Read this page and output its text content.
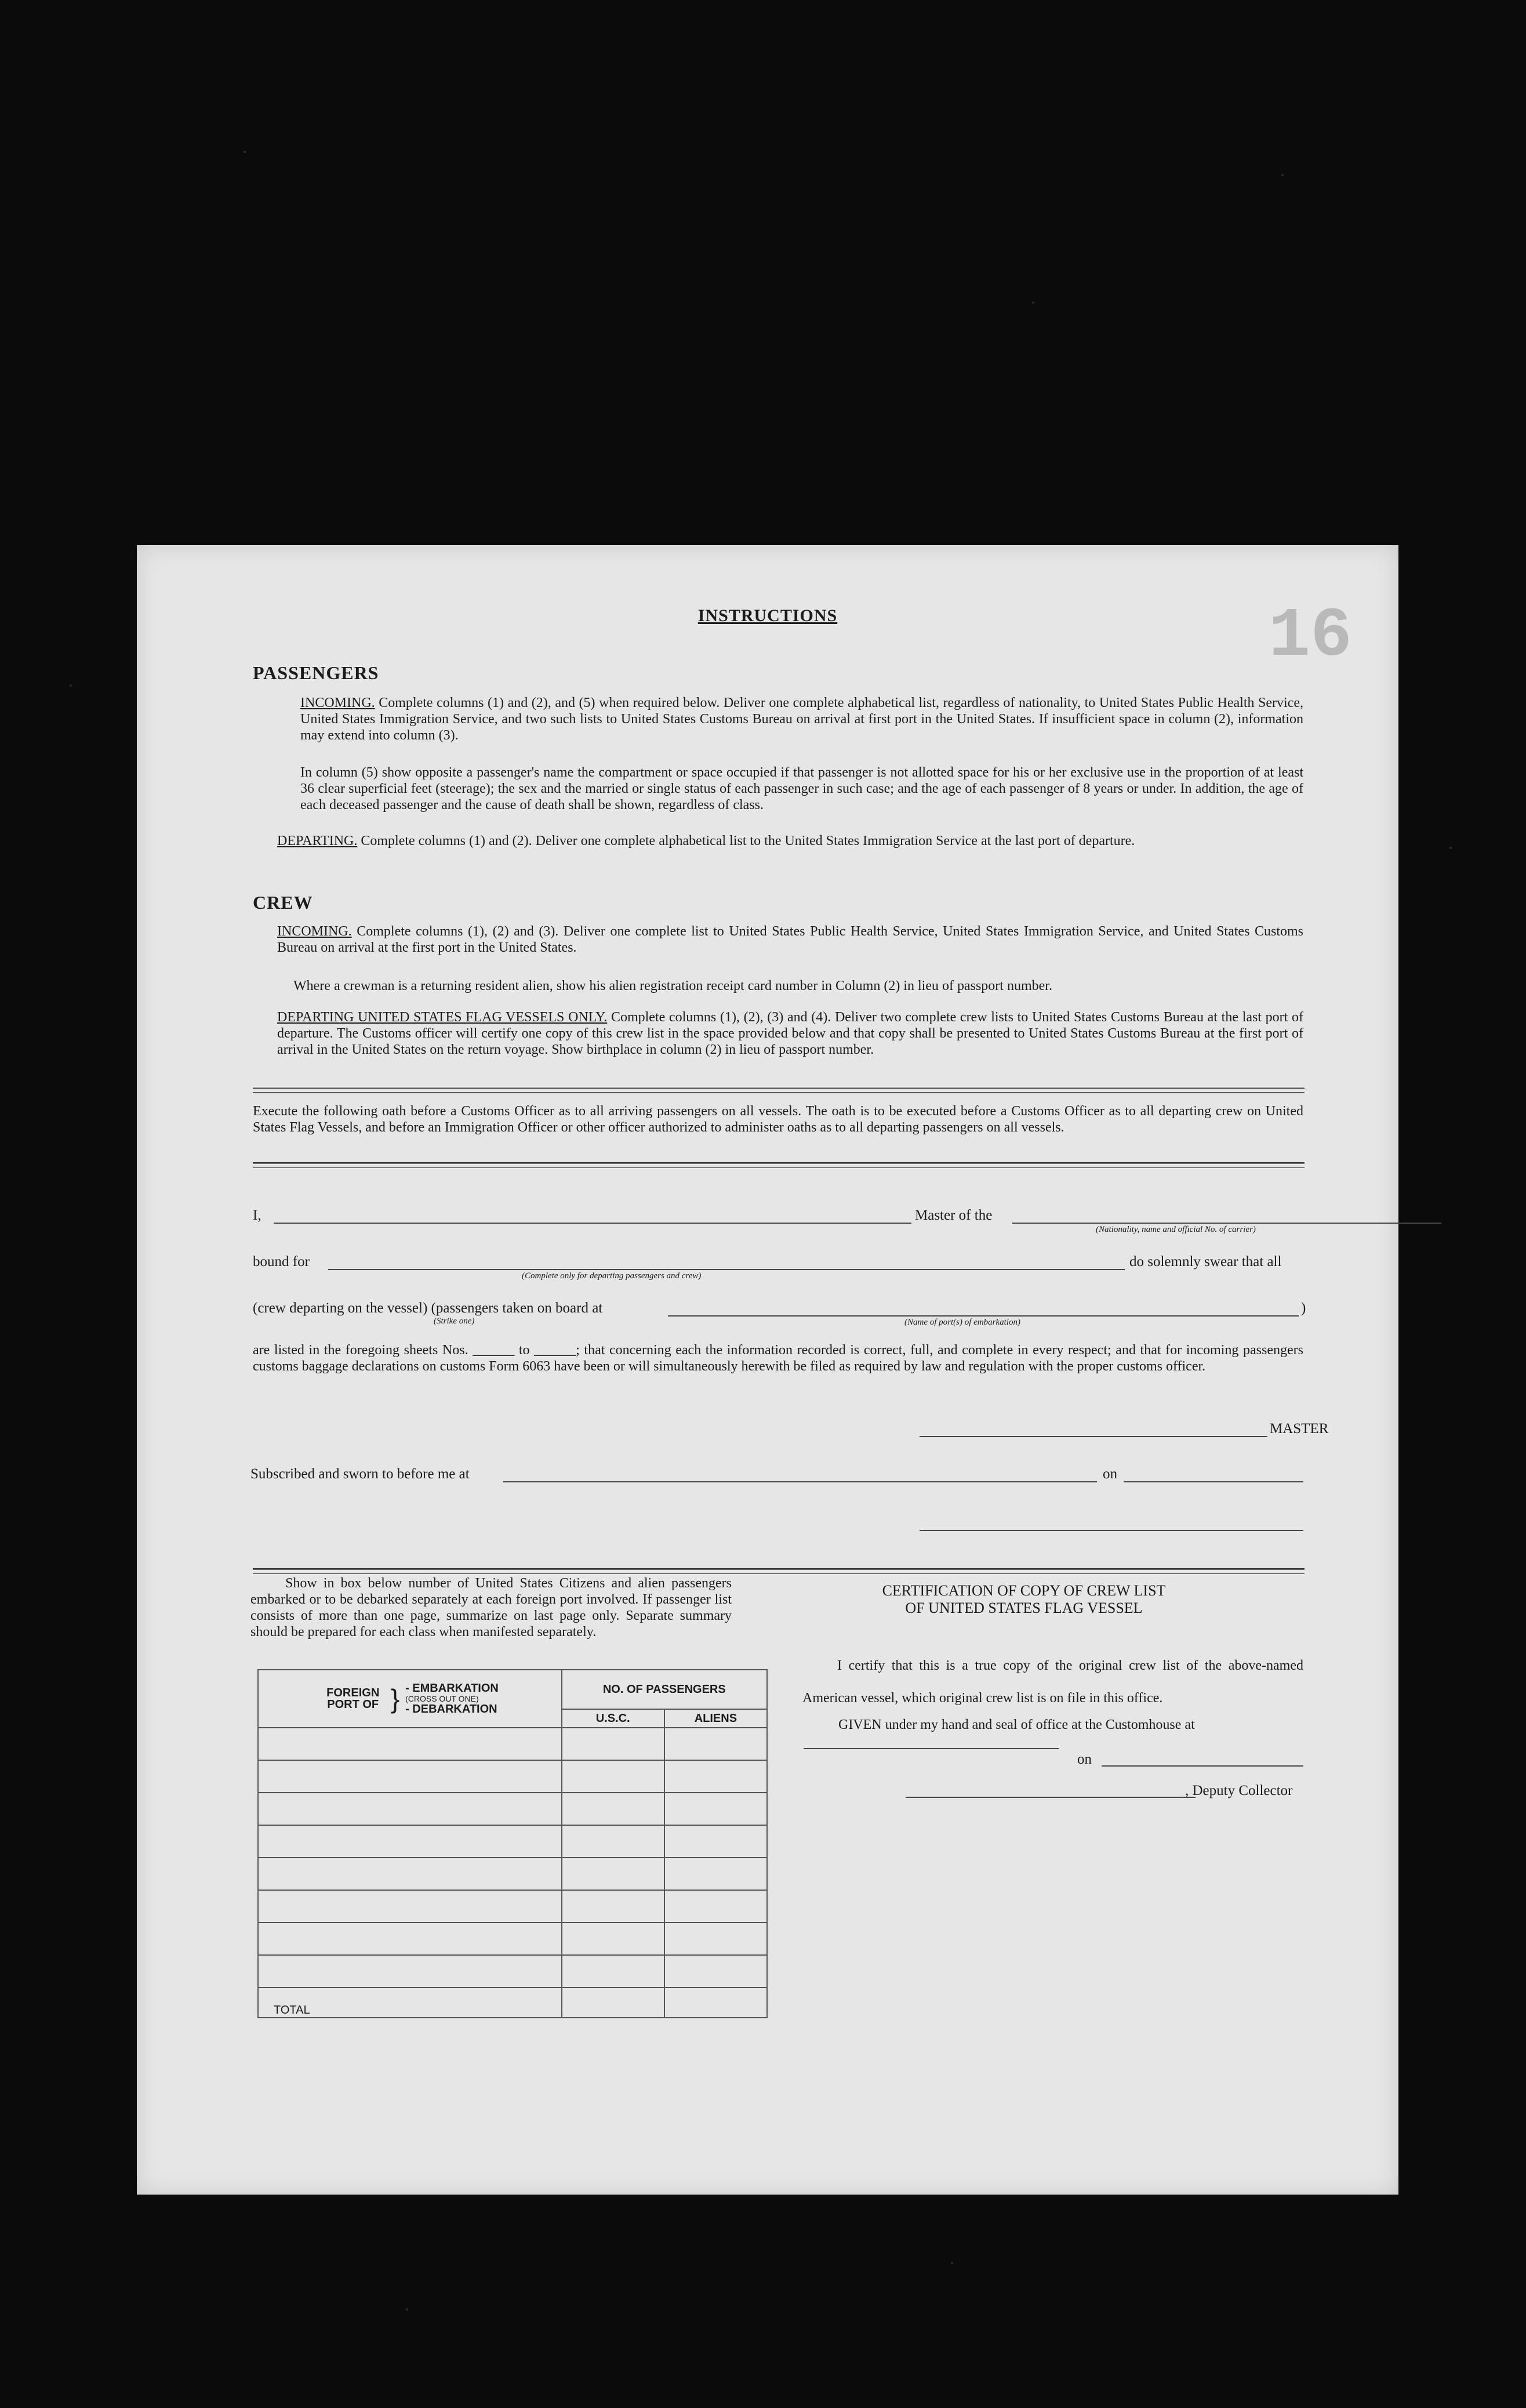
16
INSTRUCTIONS
PASSENGERS
INCOMING. Complete columns (1) and (2), and (5) when required below. Deliver one complete alphabetical list, regardless of nationality, to United States Public Health Service, United States Immigration Service, and two such lists to United States Customs Bureau on arrival at first port in the United States. If insufficient space in column (2), information may extend into column (3).
In column (5) show opposite a passenger's name the compartment or space occupied if that passenger is not allotted space for his or her exclusive use in the proportion of at least 36 clear superficial feet (steerage); the sex and the married or single status of each passenger in such case; and the age of each passenger of 8 years or under. In addition, the age of each deceased passenger and the cause of death shall be shown, regardless of class.
DEPARTING. Complete columns (1) and (2). Deliver one complete alphabetical list to the United States Immigration Service at the last port of departure.
CREW
INCOMING. Complete columns (1), (2) and (3). Deliver one complete list to United States Public Health Service, United States Immigration Service, and United States Customs Bureau on arrival at the first port in the United States.
Where a crewman is a returning resident alien, show his alien registration receipt card number in Column (2) in lieu of passport number.
DEPARTING UNITED STATES FLAG VESSELS ONLY. Complete columns (1), (2), (3) and (4). Deliver two complete crew lists to United States Customs Bureau at the last port of departure. The Customs officer will certify one copy of this crew list in the space provided below and that copy shall be presented to United States Customs Bureau at the first port of arrival in the United States on the return voyage. Show birthplace in column (2) in lieu of passport number.
Execute the following oath before a Customs Officer as to all arriving passengers on all vessels. The oath is to be executed before a Customs Officer as to all departing crew on United States Flag Vessels, and before an Immigration Officer or other officer authorized to administer oaths as to all departing passengers on all vessels.
I,	Master of the
(Nationality, name and official No. of carrier)
bound for	do solemnly swear that all
(Complete only for departing passengers and crew)
(crew departing on the vessel) (passengers taken on board at	)
(Strike one)	(Name of port(s) of embarkation)
are listed in the foregoing sheets Nos. ______ to ______; that concerning each the information recorded is correct, full, and complete in every respect; and that for incoming passengers customs baggage declarations on customs Form 6063 have been or will simultaneously herewith be filed as required by law and regulation with the proper customs officer.
MASTER
Subscribed and sworn to before me at	on
Show in box below number of United States Citizens and alien passengers embarked or to be debarked separately at each foreign port involved. If passenger list consists of more than one page, summarize on last page only. Separate summary should be prepared for each class when manifested separately.
FOREIGN PORT OF } - EMBARKATION
(CROSS OUT ONE)
- DEBARKATION	NO. OF PASSENGERS	
	U.S.C.	ALIENS

TOTAL		
CERTIFICATION OF COPY OF CREW LIST
OF UNITED STATES FLAG VESSEL
I certify that this is a true copy of the original crew list of the above-named American vessel, which original crew list is on file in this office.
GIVEN under my hand and seal of office at the Customhouse at
on
, Deputy Collector
